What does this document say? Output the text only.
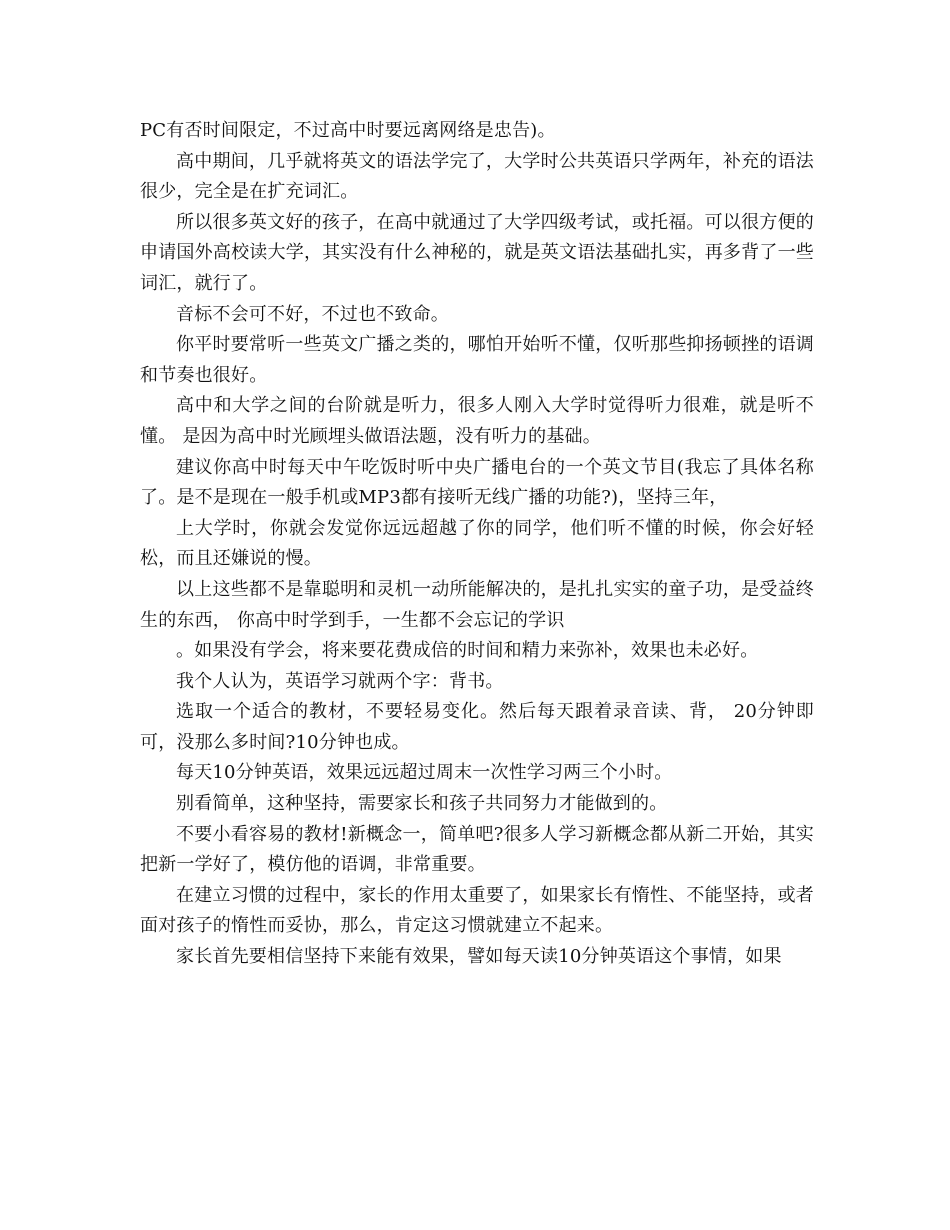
PC有否时间限定，不过高中时要远离网络是忠告)。

高中期间，几乎就将英文的语法学完了，大学时公共英语只学两年，补充的语法很少，完全是在扩充词汇。

所以很多英文好的孩子，在高中就通过了大学四级考试，或托福。可以很方便的申请国外高校读大学，其实没有什么神秘的，就是英文语法基础扎实，再多背了一些词汇，就行了。

音标不会可不好，不过也不致命。

你平时要常听一些英文广播之类的，哪怕开始听不懂，仅听那些抑扬顿挫的语调和节奏也很好。

高中和大学之间的台阶就是听力，很多人刚入大学时觉得听力很难，就是听不懂。 是因为高中时光顾埋头做语法题，没有听力的基础。

建议你高中时每天中午吃饭时听中央广播电台的一个英文节目(我忘了具体名称了。是不是现在一般手机或MP3都有接听无线广播的功能?)，坚持三年，

上大学时，你就会发觉你远远超越了你的同学，他们听不懂的时候，你会好轻松，而且还嫌说的慢。

以上这些都不是靠聪明和灵机一动所能解决的，是扎扎实实的童子功，是受益终生的东西， 你高中时学到手，一生都不会忘记的学识

。如果没有学会，将来要花费成倍的时间和精力来弥补，效果也未必好。

我个人认为，英语学习就两个字：背书。

选取一个适合的教材，不要轻易变化。然后每天跟着录音读、背， 20分钟即可，没那么多时间?10分钟也成。

每天10分钟英语，效果远远超过周末一次性学习两三个小时。

别看简单，这种坚持，需要家长和孩子共同努力才能做到的。

不要小看容易的教材!新概念一，简单吧?很多人学习新概念都从新二开始，其实把新一学好了，模仿他的语调，非常重要。

在建立习惯的过程中，家长的作用太重要了，如果家长有惰性、不能坚持，或者面对孩子的惰性而妥协，那么，肯定这习惯就建立不起来。

家长首先要相信坚持下来能有效果，譬如每天读10分钟英语这个事情，如果
